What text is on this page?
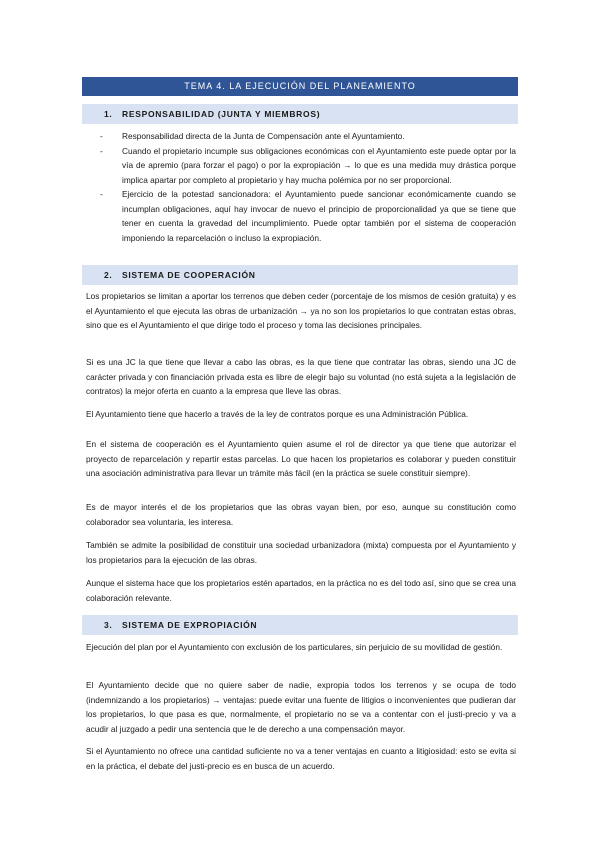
TEMA 4. LA EJECUCIÓN DEL PLANEAMIENTO
1. RESPONSABILIDAD (JUNTA Y MIEMBROS)
- Responsabilidad directa de la Junta de Compensación ante el Ayuntamiento.
- Cuando el propietario incumple sus obligaciones económicas con el Ayuntamiento este puede optar por la vía de apremio (para forzar el pago) o por la expropiación → lo que es una medida muy drástica porque implica apartar por completo al propietario y hay mucha polémica por no ser proporcional.
- Ejercicio de la potestad sancionadora: el Ayuntamiento puede sancionar económicamente cuando se incumplan obligaciones, aquí hay invocar de nuevo el principio de proporcionalidad ya que se tiene que tener en cuenta la gravedad del incumplimiento. Puede optar también por el sistema de cooperación imponiendo la reparcelación o incluso la expropiación.
2. SISTEMA DE COOPERACIÓN

Los propietarios se limitan a aportar los terrenos que deben ceder (porcentaje de los mismos de cesión gratuita) y es el Ayuntamiento el que ejecuta las obras de urbanización → ya no son los propietarios lo que contratan estas obras, sino que es el Ayuntamiento el que dirige todo el proceso y toma las decisiones principales.

Si es una JC la que tiene que llevar a cabo las obras, es la que tiene que contratar las obras, siendo una JC de carácter privada y con financiación privada esta es libre de elegir bajo su voluntad (no está sujeta a la legislación de contratos) la mejor oferta en cuanto a la empresa que lleve las obras.

El Ayuntamiento tiene que hacerlo a través de la ley de contratos porque es una Administración Pública.

En el sistema de cooperación es el Ayuntamiento quien asume el rol de director ya que tiene que autorizar el proyecto de reparcelación y repartir estas parcelas. Lo que hacen los propietarios es colaborar y pueden constituir una asociación administrativa para llevar un trámite más fácil (en la práctica se suele constituir siempre).

Es de mayor interés el de los propietarios que las obras vayan bien, por eso, aunque su constitución como colaborador sea voluntaria, les interesa.

También se admite la posibilidad de constituir una sociedad urbanizadora (mixta) compuesta por el Ayuntamiento y los propietarios para la ejecución de las obras.

Aunque el sistema hace que los propietarios estén apartados, en la práctica no es del todo así, sino que se crea una colaboración relevante.

3. SISTEMA DE EXPROPIACIÓN

Ejecución del plan por el Ayuntamiento con exclusión de los particulares, sin perjuicio de su movilidad de gestión.

El Ayuntamiento decide que no quiere saber de nadie, expropia todos los terrenos y se ocupa de todo (indemnizando a los propietarios) → ventajas: puede evitar una fuente de litigios o inconvenientes que pudieran dar los propietarios, lo que pasa es que, normalmente, el propietario no se va a contentar con el justi-precio y va a acudir al juzgado a pedir una sentencia que le de derecho a una compensación mayor.

Si el Ayuntamiento no ofrece una cantidad suficiente no va a tener ventajas en cuanto a litigiosidad: esto se evita si en la práctica, el debate del justi-precio es en busca de un acuerdo.
